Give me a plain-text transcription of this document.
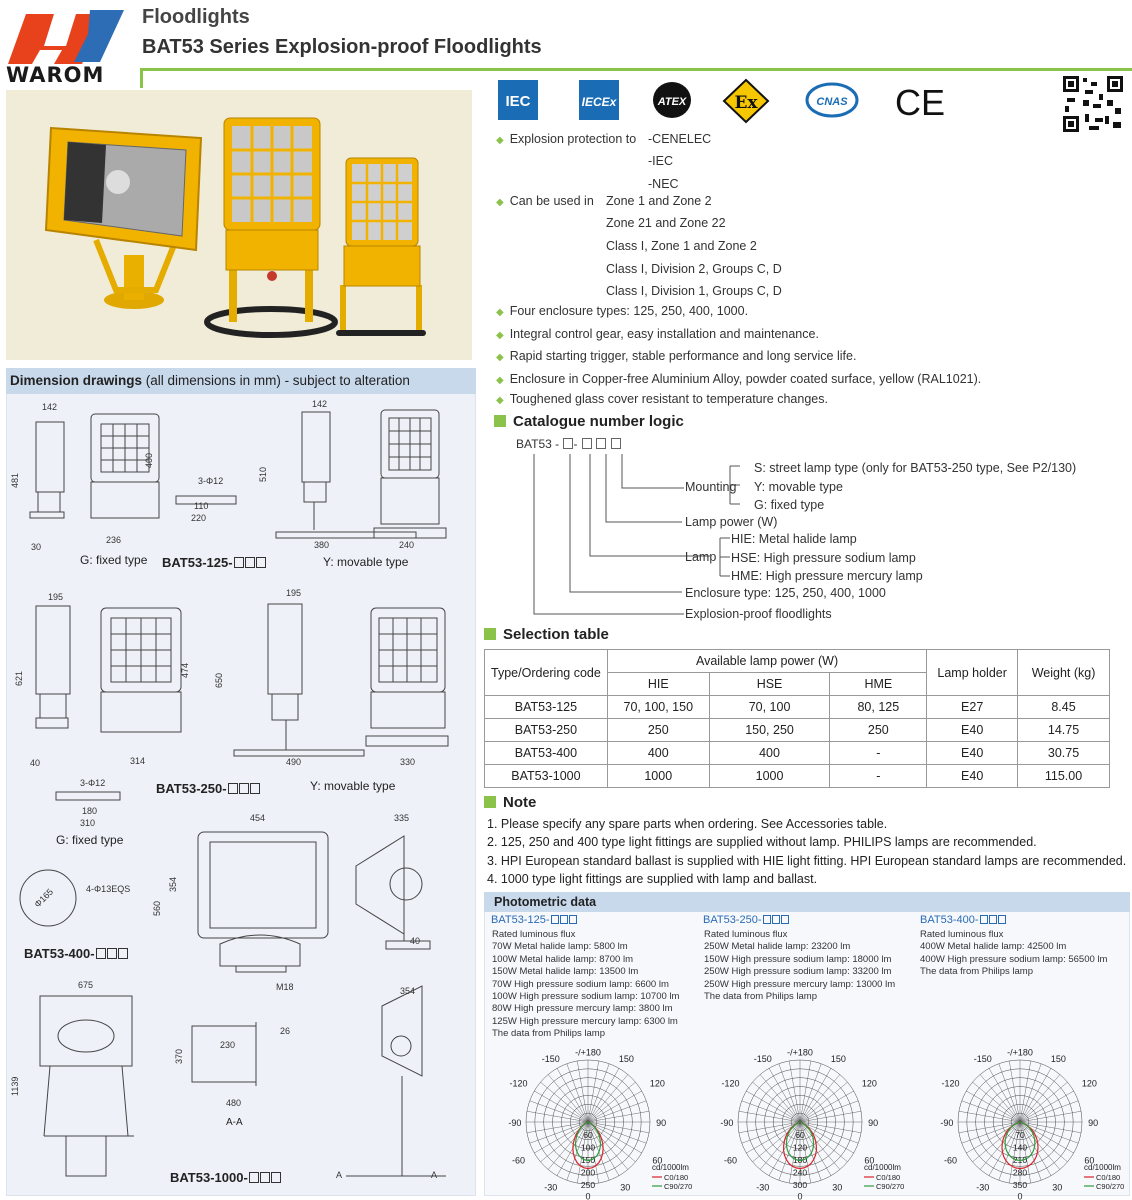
WAROM
Floodlights
BAT53 Series Explosion-proof Floodlights
Dimension drawings (all dimensions in mm) - subject to alteration
142
400
481
236
30
3-Φ12
110
220
142
510
380	240
195
474
621	650
40	314	490	330
195
3-Φ12
180
310	454	335
354
560
M18
40
4-Φ13EQS
Φ165
675
1139
230
370
26
480
354
A	A
G: fixed type BAT53-125-	Y: movable type
BAT53-250-	Y: movable type
G: fixed type
BAT53-400-
A-A
BAT53-1000-
IEC	IECEx	ATEX	Ex	CNAS CE
◆ Explosion protection to -CENELEC
-IEC
-NEC
◆ Can be used in Zone 1 and Zone 2
Zone 21 and Zone 22
Class I, Zone 1 and Zone 2
Class I, Division 2, Groups C, D
Class I, Division 1, Groups C, D
◆ Four enclosure types: 125, 250, 400, 1000.
◆ Integral control gear, easy installation and maintenance.
◆ Rapid starting trigger, stable performance and long service life.
◆ Enclosure in Copper-free Aluminium Alloy, powder coated surface, yellow (RAL1021).
◆ Toughened glass cover resistant to temperature changes.
Catalogue number logic
BAT53 - -
S: street lamp type (only for BAT53-250 type, See P2/130)
Mounting Y: movable type
G: fixed type
Lamp power (W)
HIE: Metal halide lamp
Lamp HSE: High pressure sodium lamp
HME: High pressure mercury lamp
Enclosure type: 125, 250, 400, 1000
Explosion-proof floodlights
Selection table
Type/Ordering code	Available lamp power (W)			Lamp holder	Weight (kg)
	HIE	HSE	HME		
BAT53-125	70, 100, 150	70, 100	80, 125	E27	8.45
BAT53-250	250	150, 250	250	E40	14.75
BAT53-400	400	400	-	E40	30.75
BAT53-1000	1000	1000	-	E40	115.00
Note
1. Please specify any spare parts when ordering. See Accessories table.
2. 125, 250 and 400 type light fittings are supplied without lamp. PHILIPS lamps are recommended.
3. HPI European standard ballast is supplied with HIE light fitting. HPI European standard lamps are recommended.
4. 1000 type light fittings are supplied with lamp and ballast.
Photometric data
BAT53-125-
Rated luminous flux
70W Metal halide lamp: 5800 lm
100W Metal halide lamp: 8700 lm
150W Metal halide lamp: 13500 lm
70W High pressure sodium lamp: 6600 lm
100W High pressure sodium lamp: 10700 lm
80W High pressure mercury lamp: 3800 lm
125W High pressure mercury lamp: 6300 lm
The data from Philips lamp
BAT53-250-
Rated luminous flux
250W Metal halide lamp: 23200 lm
150W High pressure sodium lamp: 18000 lm
250W High pressure sodium lamp: 33200 lm
250W High pressure mercury lamp: 13000 lm
The data from Philips lamp
BAT53-400-
Rated luminous flux
400W Metal halide lamp: 42500 lm
400W High pressure sodium lamp: 56500 lm
The data from Philips lamp
-/+180
-150	150
-120	120
-90	90
-60	60
-30	30
0
60
100
150
200
250
cd/1000lm
C0/180
C90/270
-/+180
-150	150
-120	120
-90	90
-60	60
-30	30
0
60
120
180
240
300
cd/1000lm
C0/180
C90/270
-/+180
-150	150
-120	120
-90	90
-60	60
-30	30
0
70
140
210
280
350
cd/1000lm
C0/180
C90/270
